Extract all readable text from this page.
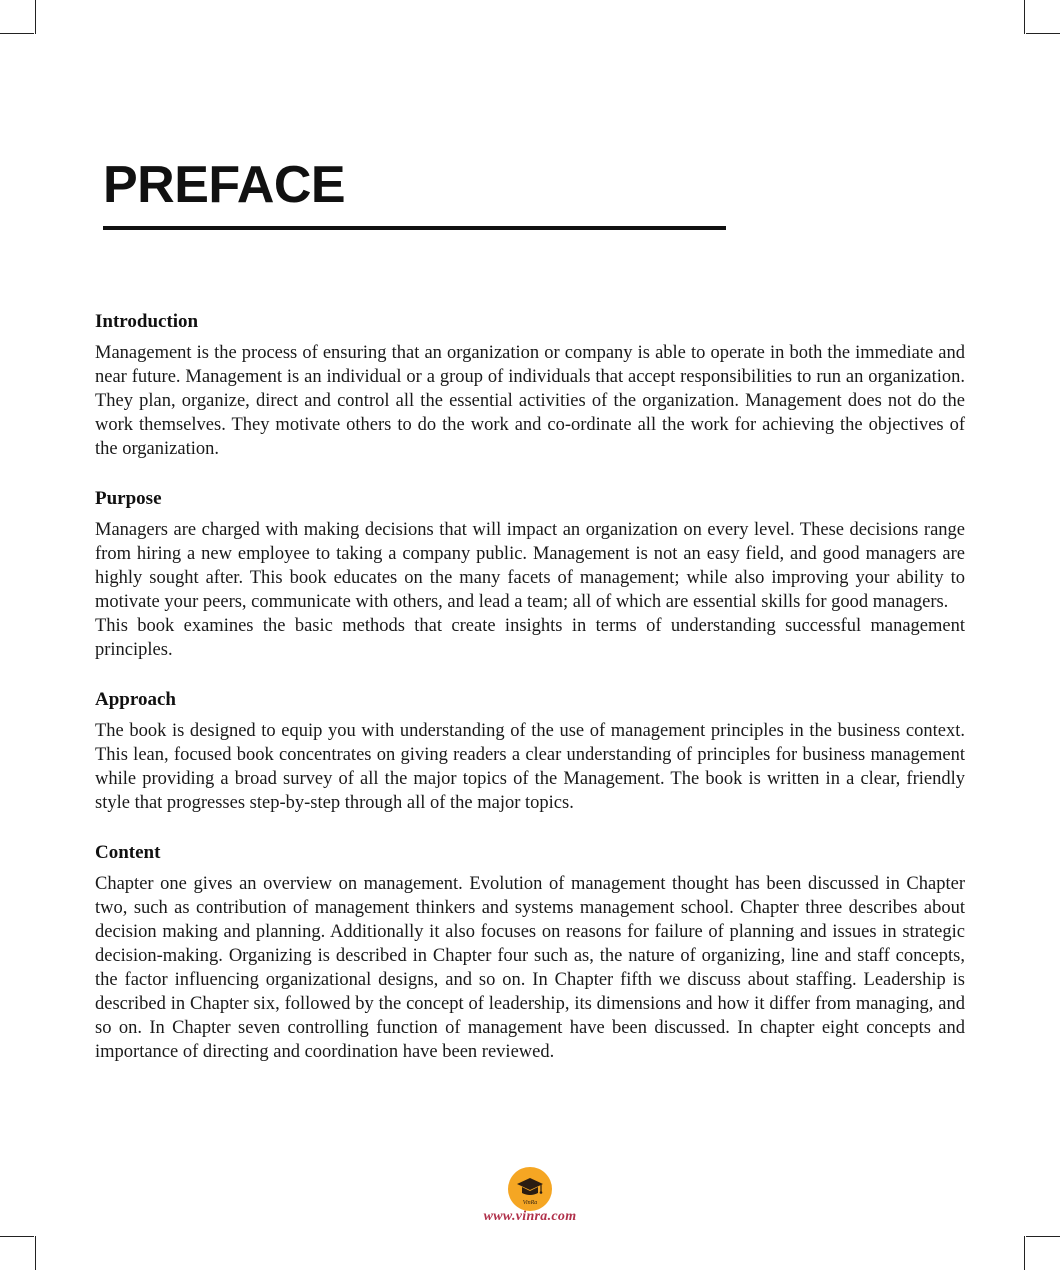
PREFACE
Introduction

Management is the process of ensuring that an organization or company is able to operate in both the immediate and near future. Management is an individual or a group of individuals that accept responsibilities to run an organization. They plan, organize, direct and control all the essential activities of the organization. Management does not do the work themselves. They motivate others to do the work and co-ordinate all the work for achieving the objectives of the organization.

Purpose

Managers are charged with making decisions that will impact an organization on every level. These decisions range from hiring a new employee to taking a company public. Management is not an easy field, and good managers are highly sought after. This book educates on the many facets of management; while also improving your ability to motivate your peers, communicate with others, and lead a team; all of which are essential skills for good managers.

This book examines the basic methods that create insights in terms of understanding successful management principles.

Approach

The book is designed to equip you with understanding of the use of management principles in the business context. This lean, focused book concentrates on giving readers a clear understanding of principles for business management while providing a broad survey of all the major topics of the Management. The book is written in a clear, friendly style that progresses step-by-step through all of the major topics.

Content

Chapter one gives an overview on management. Evolution of management thought has been discussed in Chapter two, such as contribution of management thinkers and systems management school. Chapter three describes about decision making and planning. Additionally it also focuses on reasons for failure of planning and issues in strategic decision-making. Organizing is described in Chapter four such as, the nature of organizing, line and staff concepts, the factor influencing organizational designs, and so on. In Chapter fifth we discuss about staffing. Leadership is described in Chapter six, followed by the concept of leadership, its dimensions and how it differ from managing, and so on. In Chapter seven controlling function of management have been discussed. In chapter eight concepts and importance of directing and coordination have been reviewed.

VinRa
www.vinra.com
